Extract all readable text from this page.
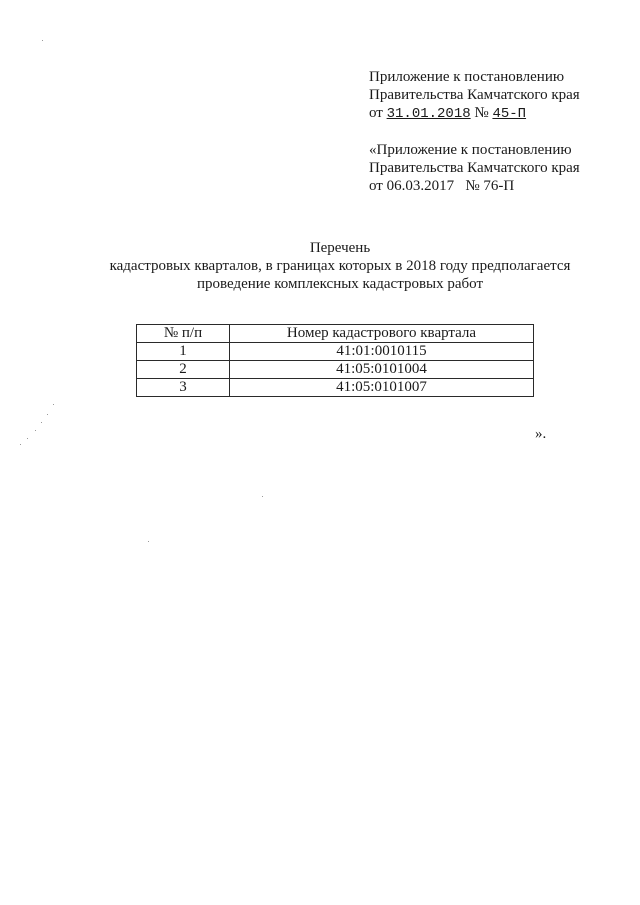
Приложение к постановлению
Правительства Камчатского края
от 31.01.2018 № 45-П
«Приложение к постановлению
Правительства Камчатского края
от 06.03.2017   № 76-П
Перечень
кадастровых кварталов, в границах которых в 2018 году предполагается
проведение комплексных кадастровых работ
№ п/п	Номер кадастрового квартала
1	41:01:0010115
2	41:05:0101004
3	41:05:0101007
».
